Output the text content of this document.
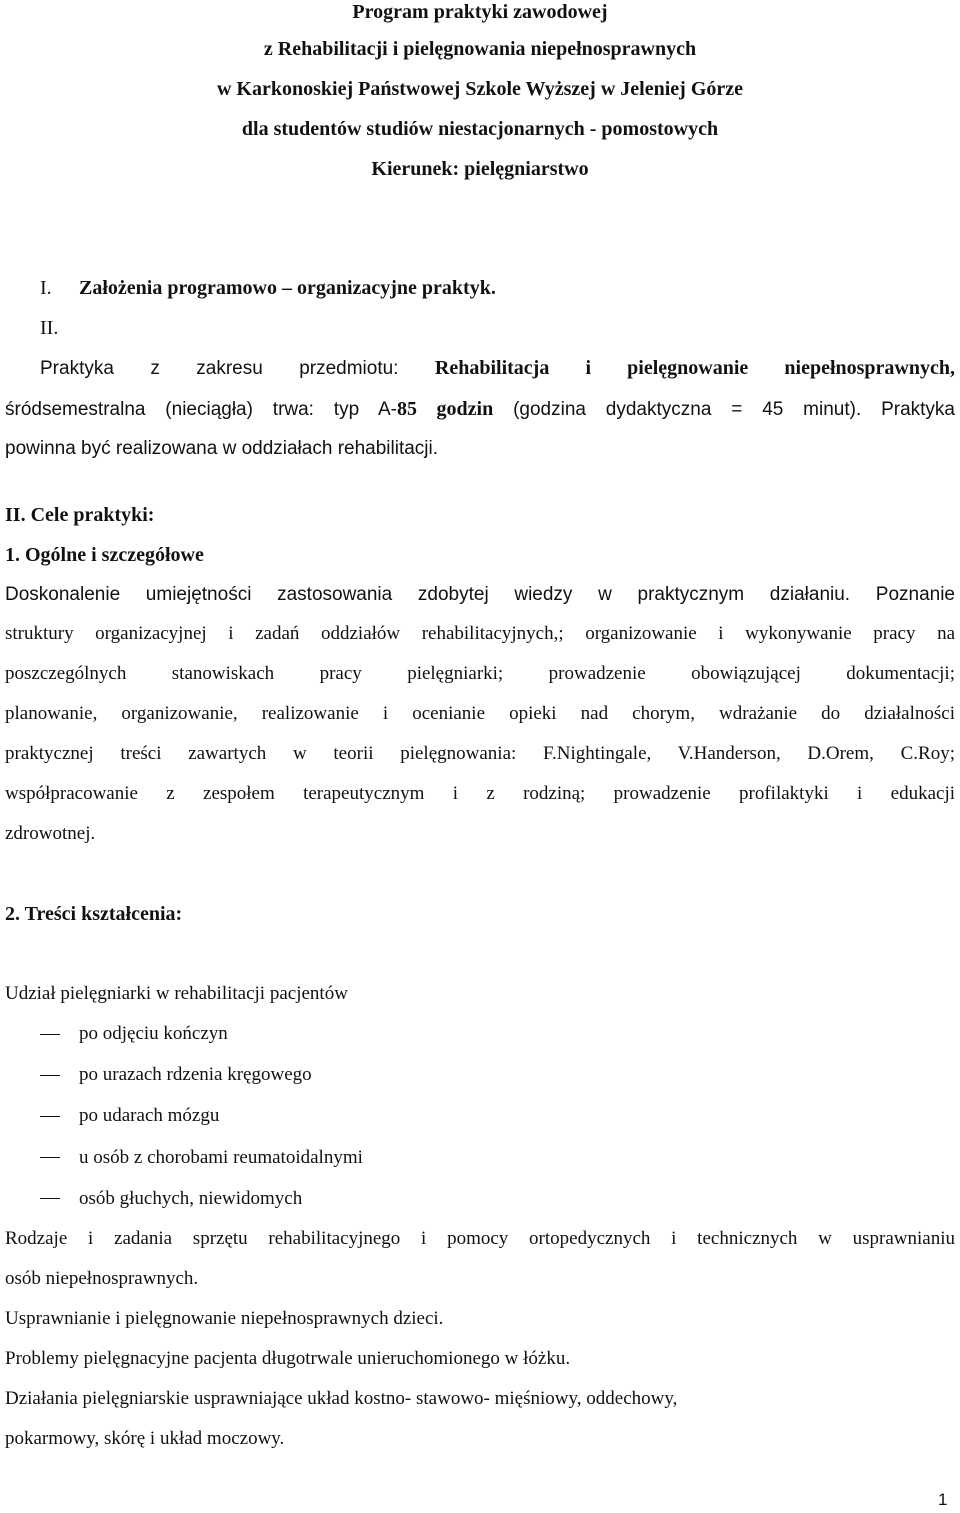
Program praktyki zawodowej
z Rehabilitacji i pielęgnowania niepełnosprawnych
w Karkonoskiej Państwowej Szkole Wyższej w Jeleniej Górze
dla studentów studiów niestacjonarnych - pomostowych
Kierunek: pielęgniarstwo
I. Założenia programowo – organizacyjne praktyk.
II.
Praktyka z zakresu przedmiotu: Rehabilitacja i pielęgnowanie niepełnosprawnych,
śródsemestralna (nieciągła) trwa: typ A-85 godzin (godzina dydaktyczna = 45 minut). Praktyka
powinna być realizowana w oddziałach rehabilitacji.
II. Cele praktyki:
1. Ogólne i szczegółowe
Doskonalenie umiejętności zastosowania zdobytej wiedzy w praktycznym działaniu. Poznanie
struktury organizacyjnej i zadań oddziałów rehabilitacyjnych,; organizowanie i wykonywanie pracy na
poszczególnych stanowiskach pracy pielęgniarki; prowadzenie obowiązującej dokumentacji;
planowanie, organizowanie, realizowanie i ocenianie opieki nad chorym, wdrażanie do działalności
praktycznej treści zawartych w teorii pielęgnowania: F.Nightingale, V.Handerson, D.Orem, C.Roy;
współpracowanie z zespołem terapeutycznym i z rodziną; prowadzenie profilaktyki i edukacji
zdrowotnej.
2. Treści kształcenia:
Udział pielęgniarki w rehabilitacji pacjentów
po odjęciu kończyn
po urazach rdzenia kręgowego
po udarach mózgu
u osób z chorobami reumatoidalnymi
osób głuchych, niewidomych
Rodzaje i zadania sprzętu rehabilitacyjnego i pomocy ortopedycznych i technicznych w usprawnianiu
osób niepełnosprawnych.
Usprawnianie i pielęgnowanie niepełnosprawnych dzieci.
Problemy pielęgnacyjne pacjenta długotrwale unieruchomionego w łóżku.
Działania pielęgniarskie usprawniające układ kostno- stawowo- mięśniowy, oddechowy,
pokarmowy, skórę i układ moczowy.
1
